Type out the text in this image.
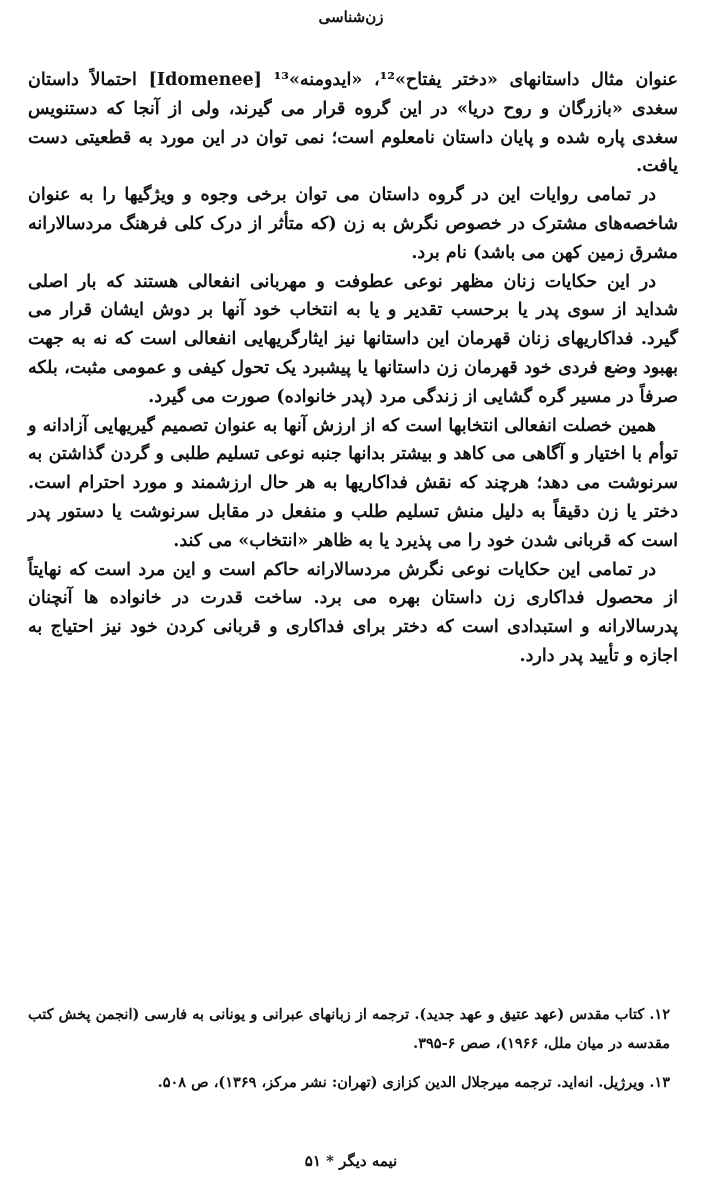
زن‌شناسی

عنوان مثال داستانهای «دختر یفتاح»¹²، «ایدومنه»¹³ [Idomenee] احتمالاً داستان سغدی «بازرگان و روح دریا» در این گروه قرار می گیرند، ولی از آنجا که دستنویس سغدی پاره شده و پایان داستان نامعلوم است؛ نمی توان در این مورد به قطعیتی دست یافت.

در تمامی روایات این در گروه داستان می توان برخی وجوه و ویژگیها را به عنوان شاخصه‌های مشترک در خصوص نگرش به زن (که متأثر از درک کلی فرهنگ مردسالارانه مشرق زمین کهن می باشد) نام برد.

در این حکایات زنان مظهر نوعی عطوفت و مهربانی انفعالی هستند که بار اصلی شداید از سوی پدر یا برحسب تقدیر و یا به انتخاب خود آنها بر دوش ایشان قرار می گیرد. فداکاریهای زنان قهرمان این داستانها نیز ایثارگریهایی انفعالی است که نه به جهت بهبود وضع فردی خود قهرمان زن داستانها یا پیشبرد یک تحول کیفی و عمومی مثبت، بلکه صرفاً در مسیر گره گشایی از زندگی مرد (پدر خانواده) صورت می گیرد.

همین خصلت انفعالی انتخابها است که از ارزش آنها به عنوان تصمیم گیریهایی آزادانه و توأم با اختیار و آگاهی می کاهد و بیشتر بدانها جنبه نوعی تسلیم طلبی و گردن گذاشتن به سرنوشت می دهد؛ هرچند که نقش فداکاریها به هر حال ارزشمند و مورد احترام است. دختر یا زن دقیقاً به دلیل منش تسلیم طلب و منفعل در مقابل سرنوشت یا دستور پدر است که قربانی شدن خود را می پذیرد یا به ظاهر «انتخاب» می کند.

در تمامی این حکایات نوعی نگرش مردسالارانه حاکم است و این مرد است که نهایتاً از محصول فداکاری زن داستان بهره می برد. ساخت قدرت در خانواده ها آنچنان پدرسالارانه و استبدادی است که دختر برای فداکاری و قربانی کردن خود نیز احتیاج به اجازه و تأیید پدر دارد.

۱۲. کتاب مقدس (عهد عتیق و عهد جدید). ترجمه از زبانهای عبرانی و یونانی به فارسی (انجمن پخش کتب مقدسه در میان ملل، ۱۹۶۶)، صص ۶-۳۹۵.

۱۳. ویرژیل. انه‌اید. ترجمه میرجلال الدین کزازی (تهران: نشر مرکز، ۱۳۶۹)، ص ۵۰۸.

نیمه دیگر * ۵۱
